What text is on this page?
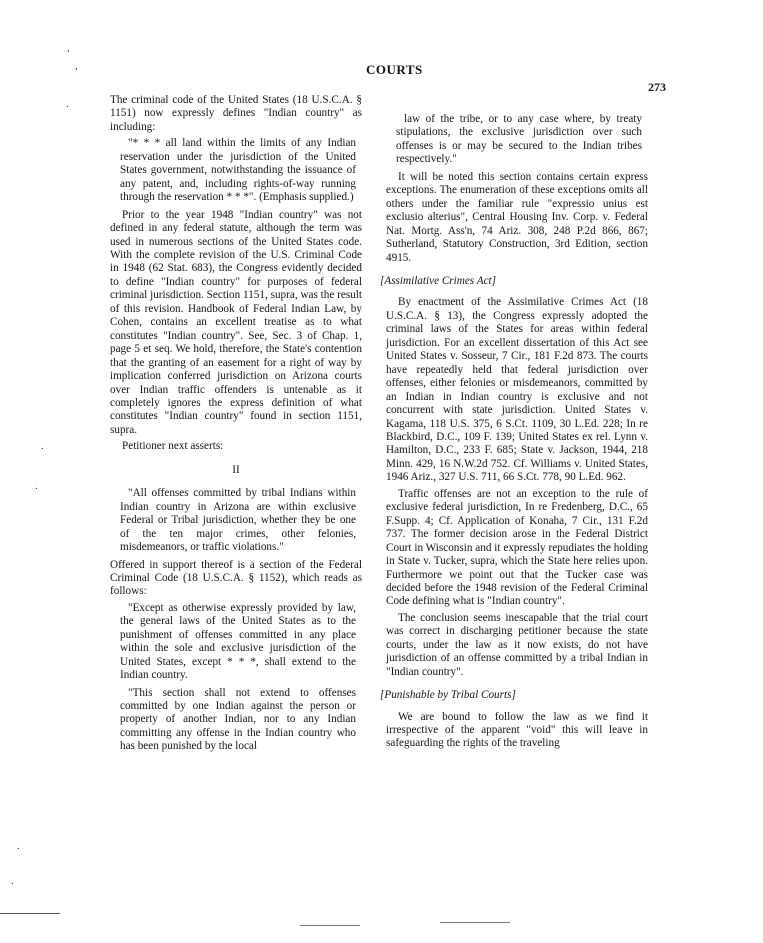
COURTS
273

The criminal code of the United States (18 U.S.C.A. § 1151) now expressly defines "Indian country" as including:

"* * * all land within the limits of any Indian reservation under the jurisdiction of the United States government, notwithstanding the issuance of any patent, and, including rights-of-way running through the reservation * * *". (Emphasis supplied.)

Prior to the year 1948 "Indian country" was not defined in any federal statute, although the term was used in numerous sections of the United States code. With the complete revision of the U.S. Criminal Code in 1948 (62 Stat. 683), the Congress evidently decided to define "Indian country" for purposes of federal criminal jurisdiction. Section 1151, supra, was the result of this revision. Handbook of Federal Indian Law, by Cohen, contains an excellent treatise as to what constitutes "Indian country". See, Sec. 3 of Chap. 1, page 5 et seq. We hold, therefore, the State's contention that the granting of an easement for a right of way by implication conferred jurisdiction on Arizona courts over Indian traffic offenders is untenable as it completely ignores the express definition of what constitutes "Indian country" found in section 1151, supra.

Petitioner next asserts:

II

"All offenses committed by tribal Indians within Indian country in Arizona are within exclusive Federal or Tribal jurisdiction, whether they be one of the ten major crimes, other felonies, misdemeanors, or traffic violations."

Offered in support thereof is a section of the Federal Criminal Code (18 U.S.C.A. § 1152), which reads as follows:

"Except as otherwise expressly provided by law, the general laws of the United States as to the punishment of offenses committed in any place within the sole and exclusive jurisdiction of the United States, except * * *, shall extend to the Indian country.

"This section shall not extend to offenses committed by one Indian against the person or property of another Indian, nor to any Indian committing any offense in the Indian country who has been punished by the local

law of the tribe, or to any case where, by treaty stipulations, the exclusive jurisdiction over such offenses is or may be secured to the Indian tribes respectively."

It will be noted this section contains certain express exceptions. The enumeration of these exceptions omits all others under the familiar rule "expressio unius est exclusio alterius", Central Housing Inv. Corp. v. Federal Nat. Mortg. Ass'n, 74 Ariz. 308, 248 P.2d 866, 867; Sutherland, Statutory Construction, 3rd Edition, section 4915.

[Assimilative Crimes Act]

By enactment of the Assimilative Crimes Act (18 U.S.C.A. § 13), the Congress expressly adopted the criminal laws of the States for areas within federal jurisdiction. For an excellent dissertation of this Act see United States v. Sosseur, 7 Cir., 181 F.2d 873. The courts have repeatedly held that federal jurisdiction over offenses, either felonies or misdemeanors, committed by an Indian in Indian country is exclusive and not concurrent with state jurisdiction. United States v. Kagama, 118 U.S. 375, 6 S.Ct. 1109, 30 L.Ed. 228; In re Blackbird, D.C., 109 F. 139; United States ex rel. Lynn v. Hamilton, D.C., 233 F. 685; State v. Jackson, 1944, 218 Minn. 429, 16 N.W.2d 752. Cf. Williams v. United States, 1946 Ariz., 327 U.S. 711, 66 S.Ct. 778, 90 L.Ed. 962.

Traffic offenses are not an exception to the rule of exclusive federal jurisdiction, In re Fredenberg, D.C., 65 F.Supp. 4; Cf. Application of Konaha, 7 Cir., 131 F.2d 737. The former decision arose in the Federal District Court in Wisconsin and it expressly repudiates the holding in State v. Tucker, supra, which the State here relies upon. Furthermore we point out that the Tucker case was decided before the 1948 revision of the Federal Criminal Code defining what is "Indian country".

The conclusion seems inescapable that the trial court was correct in discharging petitioner because the state courts, under the law as it now exists, do not have jurisdiction of an offense committed by a tribal Indian in "Indian country".

[Punishable by Tribal Courts]

We are bound to follow the law as we find it irrespective of the apparent "void" this will leave in safeguarding the rights of the traveling

,
,
.
.
.
.
.
